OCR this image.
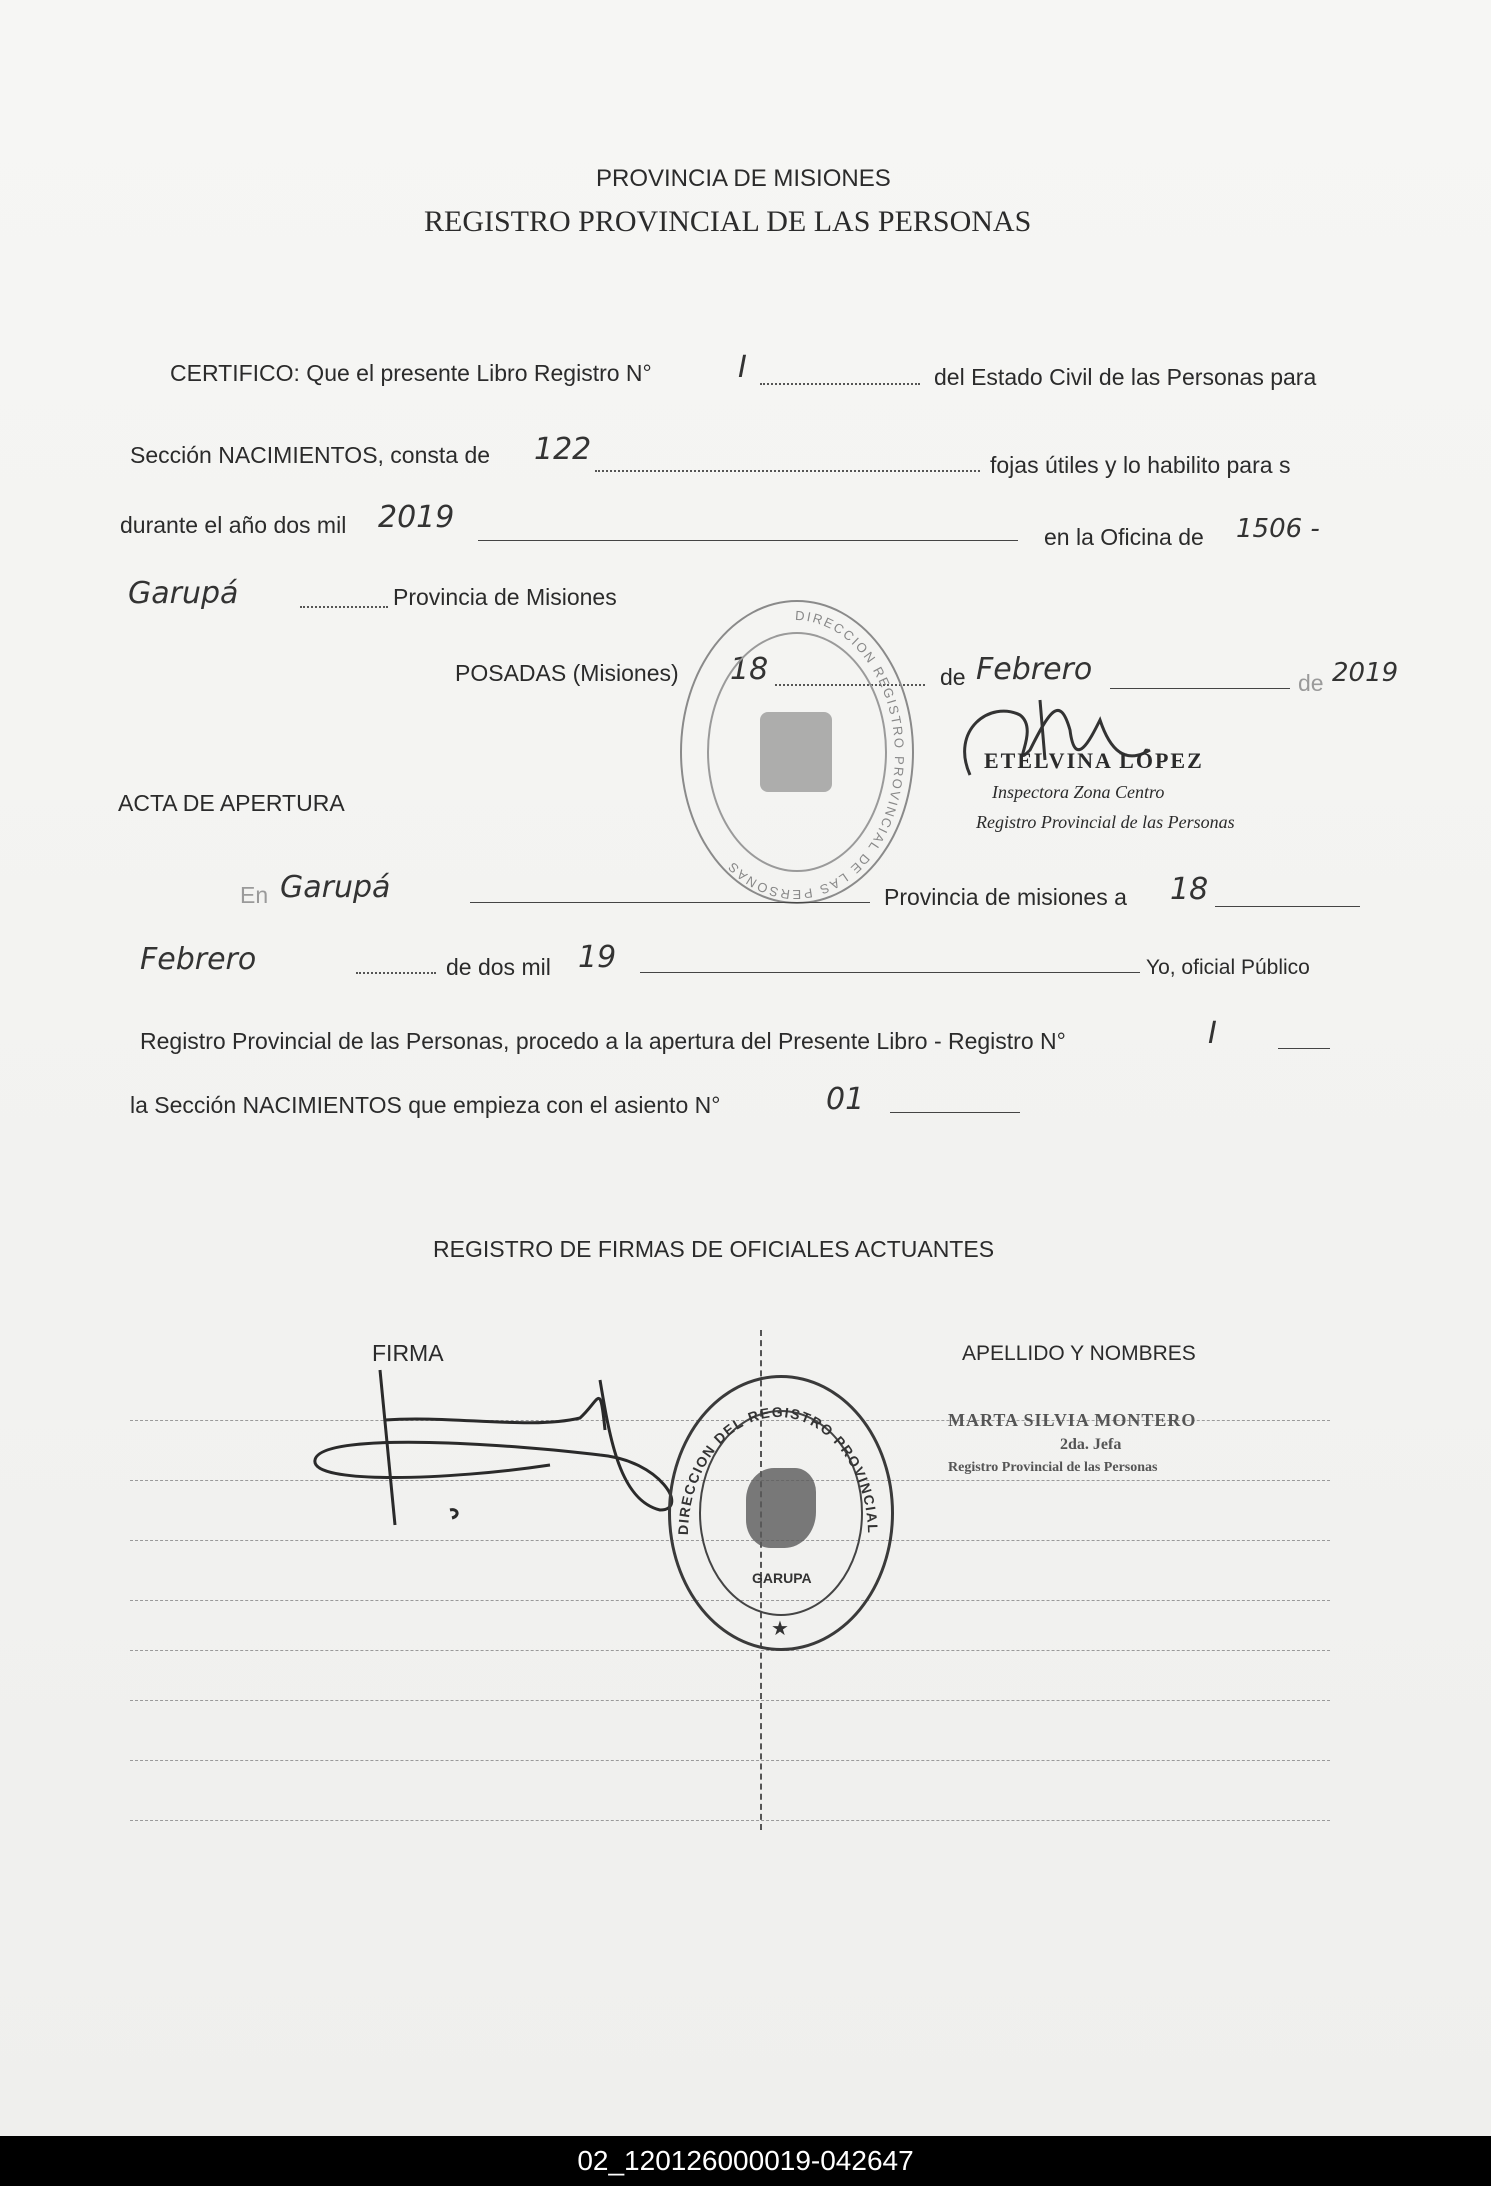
PROVINCIA DE MISIONES
REGISTRO PROVINCIAL DE LAS PERSONAS
CERTIFICO: Que el presente Libro Registro N°	I	del Estado Civil de las Personas para
Sección NACIMIENTOS, consta de 122	fojas útiles y lo habilito para s
durante el año dos mil 2019
en la Oficina de 1506 -
Garupá	Provincia de Misiones
POSADAS (Misiones) 18	de Febrero	de 2019
DIRECCION REGISTRO PROVINCIAL DE LAS PERSONAS
ETELVINA LÓPEZ
Inspectora Zona Centro
Registro Provincial de las Personas
ACTA DE APERTURA
En Garupá	Provincia de misiones a 18
Febrero	de dos mil 19	Yo, oficial Público
Registro Provincial de las Personas, procedo a la apertura del Presente Libro - Registro N°	I
la Sección NACIMIENTOS que empieza con el asiento N°	01
REGISTRO DE FIRMAS DE OFICIALES ACTUANTES
FIRMA	APELLIDO Y NOMBRES
★
DIRECCION DEL REGISTRO PROVINCIAL DE LAS PERSONAS
GARUPA
MARTA SILVIA MONTERO
2da. Jefa
Registro Provincial de las Personas
02_120126000019-042647
